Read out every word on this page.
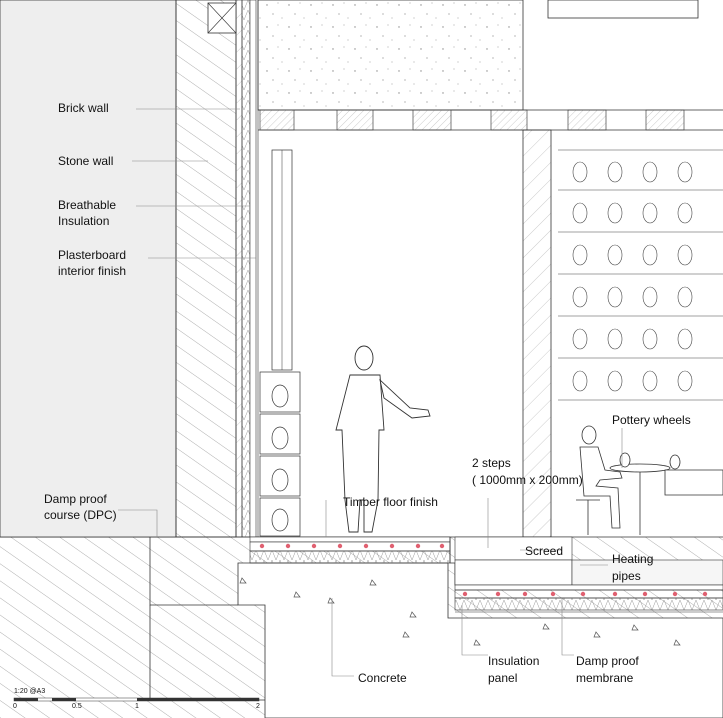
1:20 @A3
0	0.5	1	2
Brick wall
Stone wall
Breathable
Insulation
Plasterboard
interior finish
Damp proof
course (DPC)
Timber floor finish
2 steps
( 1000mm x 200mm)
Pottery wheels
Screed
Heating
pipes
Concrete
Insulation
panel
Damp proof
membrane
